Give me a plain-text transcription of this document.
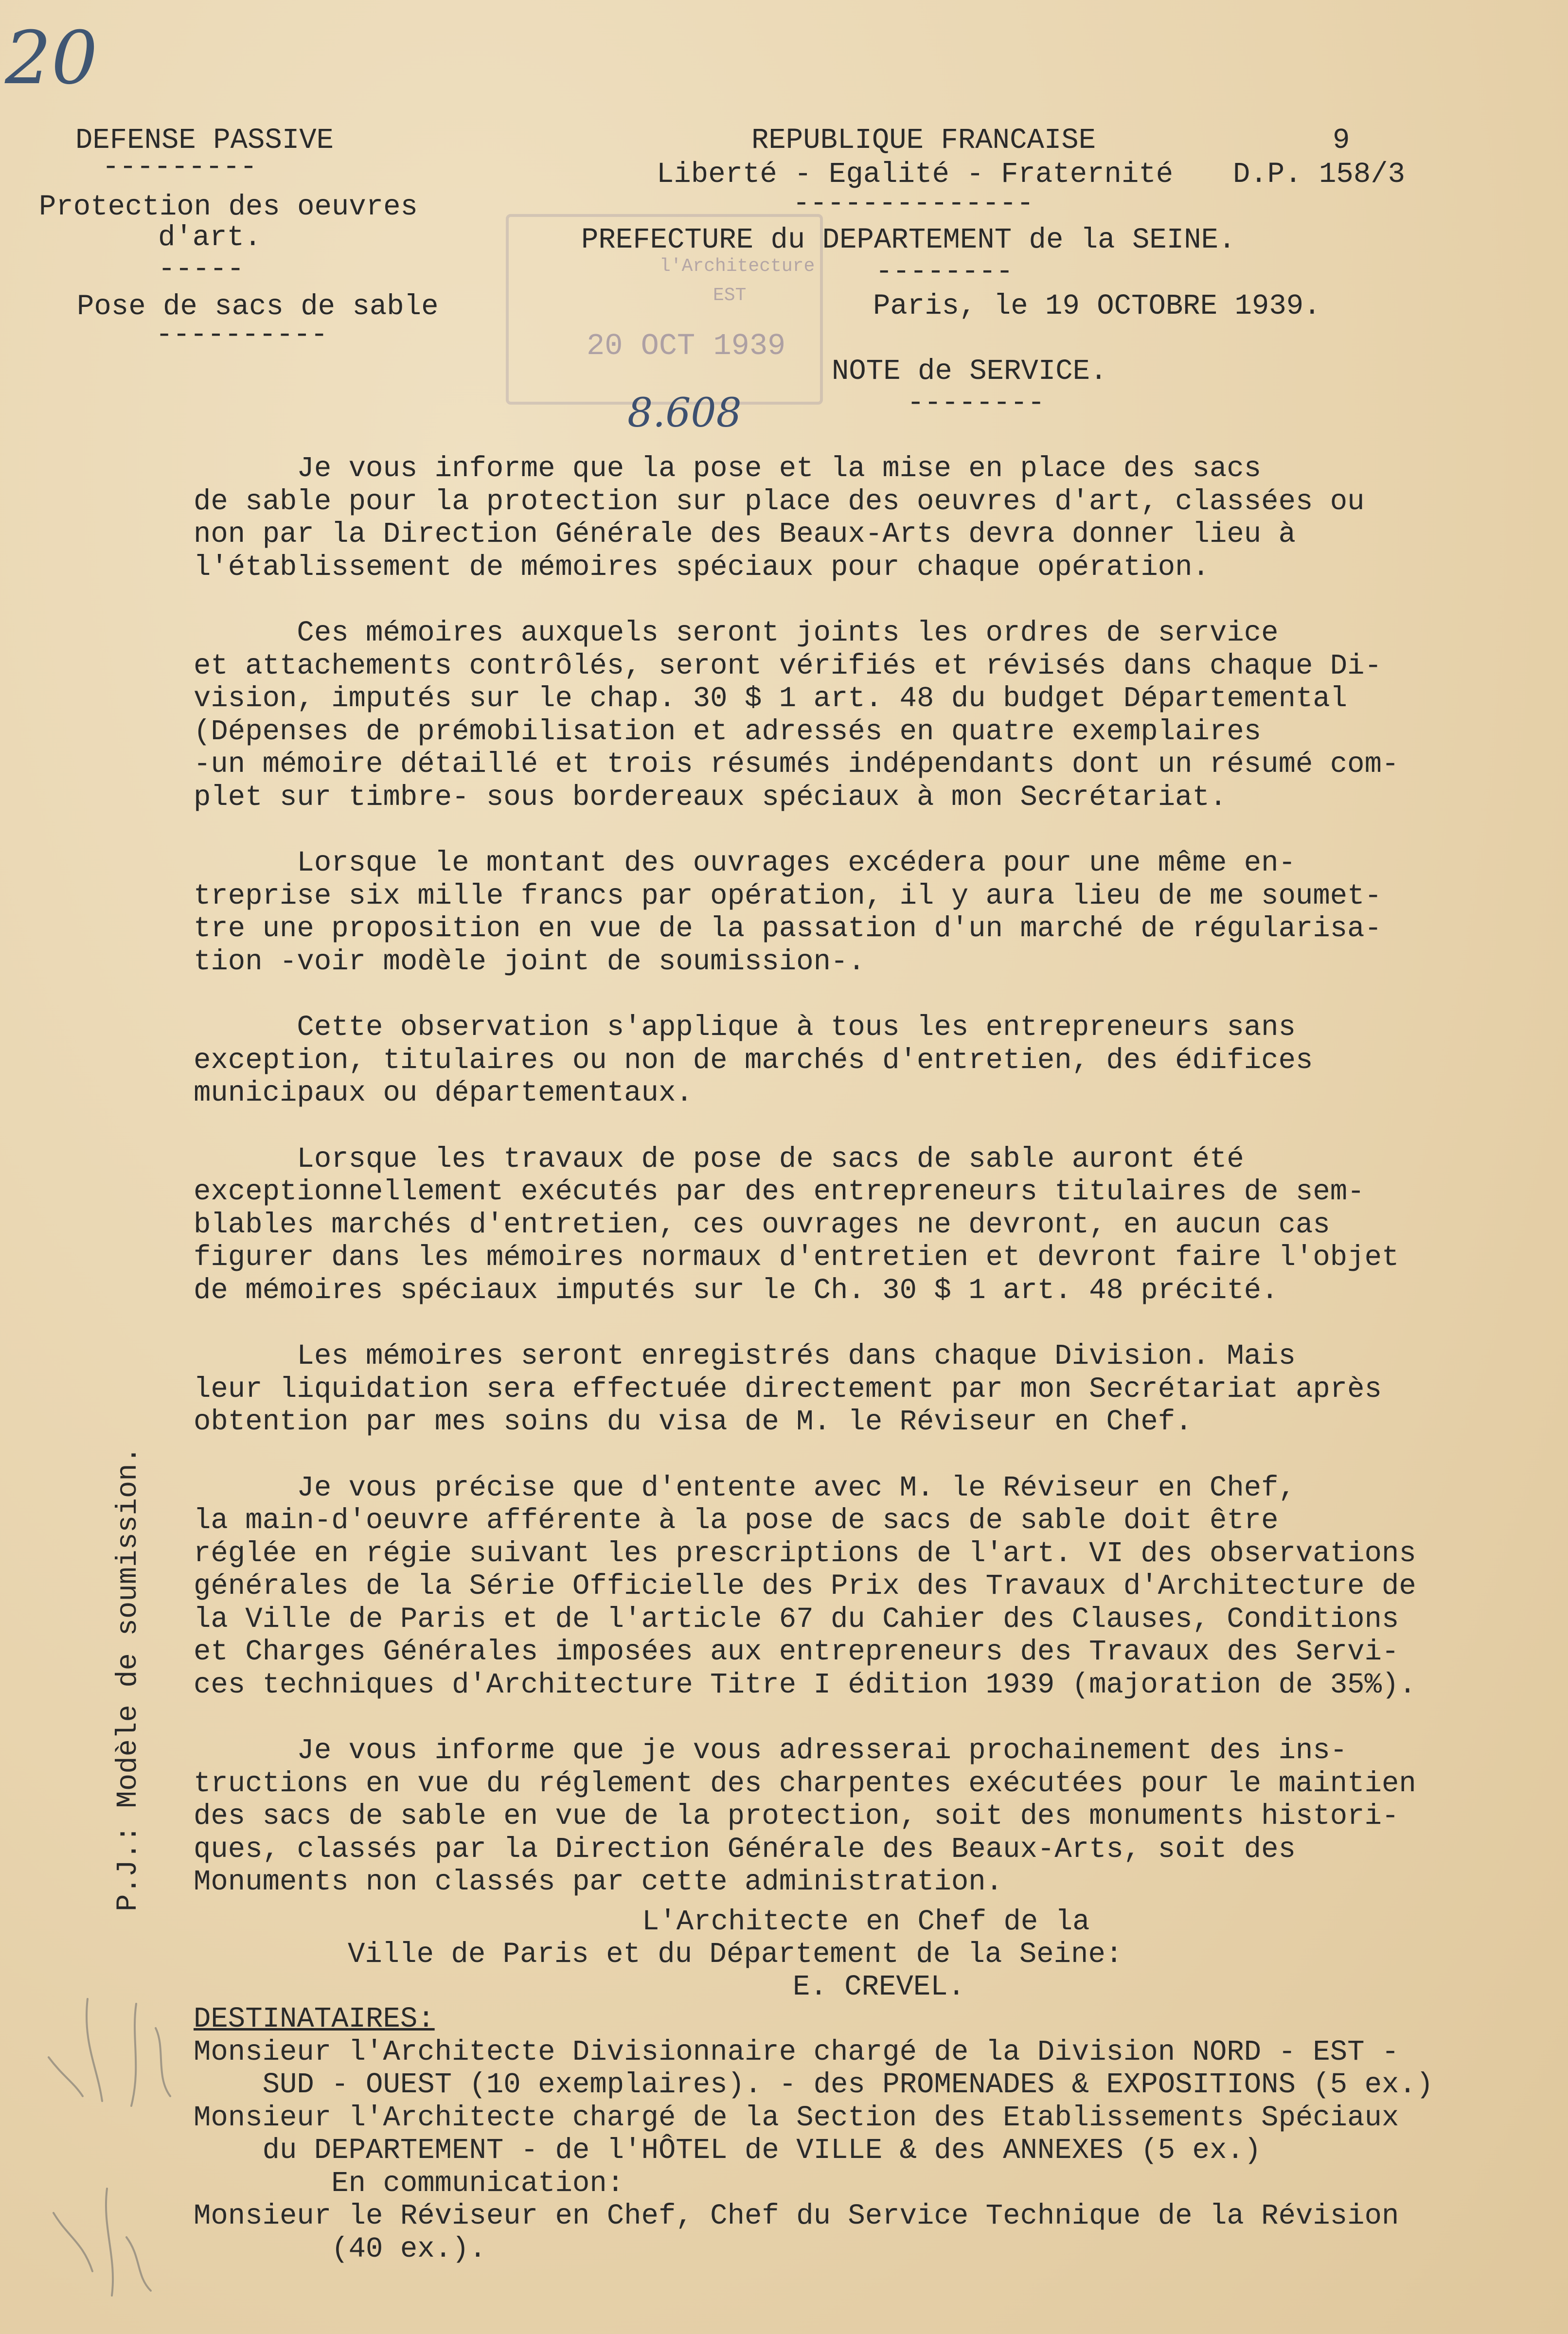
20
DEFENSE PASSIVE
---------
Protection des oeuvres
d'art.
-----
Pose de sacs de sable
----------
REPUBLIQUE FRANCAISE
Liberté - Egalité - Fraternité
--------------
PREFECTURE du DEPARTEMENT de la SEINE.
--------
Paris, le 19 OCTOBRE 1939.
NOTE de SERVICE.
--------
9
D.P. 158/3
l'Architecture
EST
20 OCT 1939
8.608
P.J.: Modèle de soumission.
Je vous informe que la pose et la mise en place des sacs
de sable pour la protection sur place des oeuvres d'art, classées ou
non par la Direction Générale des Beaux-Arts devra donner lieu à
l'établissement de mémoires spéciaux pour chaque opération.
Ces mémoires auxquels seront joints les ordres de service
et attachements contrôlés, seront vérifiés et révisés dans chaque Di-
vision, imputés sur le chap. 30 $ 1 art. 48 du budget Départemental
(Dépenses de prémobilisation et adressés en quatre exemplaires
-un mémoire détaillé et trois résumés indépendants dont un résumé com-
plet sur timbre- sous bordereaux spéciaux à mon Secrétariat.
Lorsque le montant des ouvrages excédera pour une même en-
treprise six mille francs par opération, il y aura lieu de me soumet-
tre une proposition en vue de la passation d'un marché de régularisa-
tion -voir modèle joint de soumission-.
Cette observation s'applique à tous les entrepreneurs sans
exception, titulaires ou non de marchés d'entretien, des édifices
municipaux ou départementaux.
Lorsque les travaux de pose de sacs de sable auront été
exceptionnellement exécutés par des entrepreneurs titulaires de sem-
blables marchés d'entretien, ces ouvrages ne devront, en aucun cas
figurer dans les mémoires normaux d'entretien et devront faire l'objet
de mémoires spéciaux imputés sur le Ch. 30 $ 1 art. 48 précité.
Les mémoires seront enregistrés dans chaque Division. Mais
leur liquidation sera effectuée directement par mon Secrétariat après
obtention par mes soins du visa de M. le Réviseur en Chef.
Je vous précise que d'entente avec M. le Réviseur en Chef,
la main-d'oeuvre afférente à la pose de sacs de sable doit être
réglée en régie suivant les prescriptions de l'art. VI des observations
générales de la Série Officielle des Prix des Travaux d'Architecture de
la Ville de Paris et de l'article 67 du Cahier des Clauses, Conditions
et Charges Générales imposées aux entrepreneurs des Travaux des Servi-
ces techniques d'Architecture Titre I édition 1939 (majoration de 35%).
Je vous informe que je vous adresserai prochainement des ins-
tructions en vue du réglement des charpentes exécutées pour le maintien
des sacs de sable en vue de la protection, soit des monuments histori-
ques, classés par la Direction Générale des Beaux-Arts, soit des
Monuments non classés par cette administration.
L'Architecte en Chef de la
Ville de Paris et du Département de la Seine:
E. CREVEL.
DESTINATAIRES:
Monsieur l'Architecte Divisionnaire chargé de la Division NORD - EST -
SUD - OUEST (10 exemplaires). - des PROMENADES & EXPOSITIONS (5 ex.)
Monsieur l'Architecte chargé de la Section des Etablissements Spéciaux
du DEPARTEMENT - de l'HÔTEL de VILLE & des ANNEXES (5 ex.)
En communication:
Monsieur le Réviseur en Chef, Chef du Service Technique de la Révision
(40 ex.).
